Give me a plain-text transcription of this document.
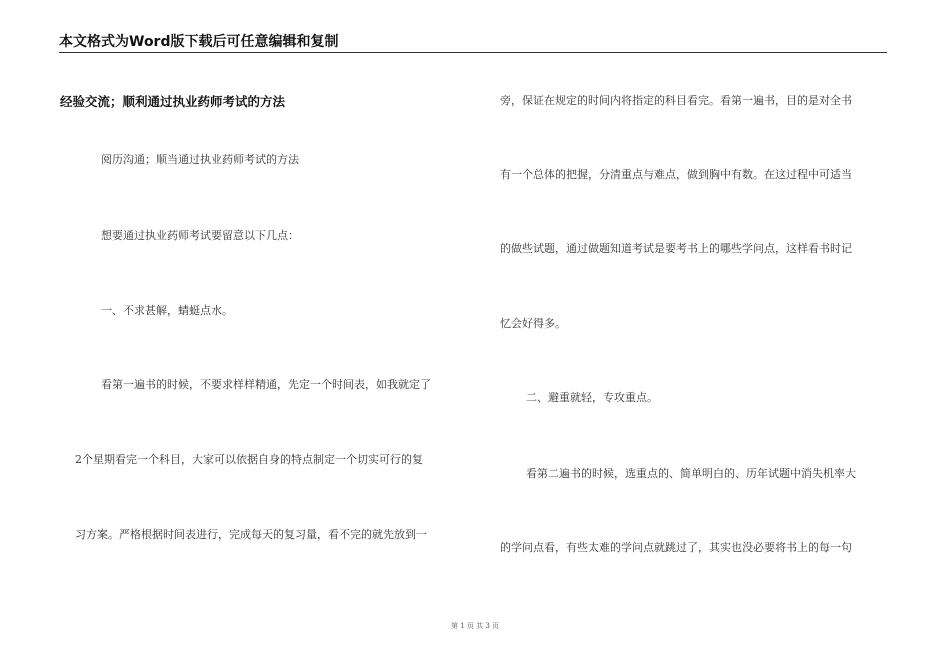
本文格式为Word版下载后可任意编辑和复制
经验交流；顺利通过执业药师考试的方法
阅历沟通；顺当通过执业药师考试的方法
想要通过执业药师考试要留意以下几点：
一、不求甚解，蜻蜓点水。
看第一遍书的时候，不要求样样精通，先定一个时间表，如我就定了
2个星期看完一个科目，大家可以依据自身的特点制定一个切实可行的复
习方案。严格根据时间表进行，完成每天的复习量，看不完的就先放到一
旁，保证在规定的时间内将指定的科目看完。看第一遍书，目的是对全书
有一个总体的把握，分清重点与难点，做到胸中有数。在这过程中可适当
的做些试题，通过做题知道考试是要考书上的哪些学问点，这样看书时记
忆会好得多。
二、避重就轻，专攻重点。
看第二遍书的时候，选重点的、简单明白的、历年试题中消失机率大
的学问点看，有些太难的学问点就跳过了，其实也没必要将书上的每一句
第 1 页 共 3 页
